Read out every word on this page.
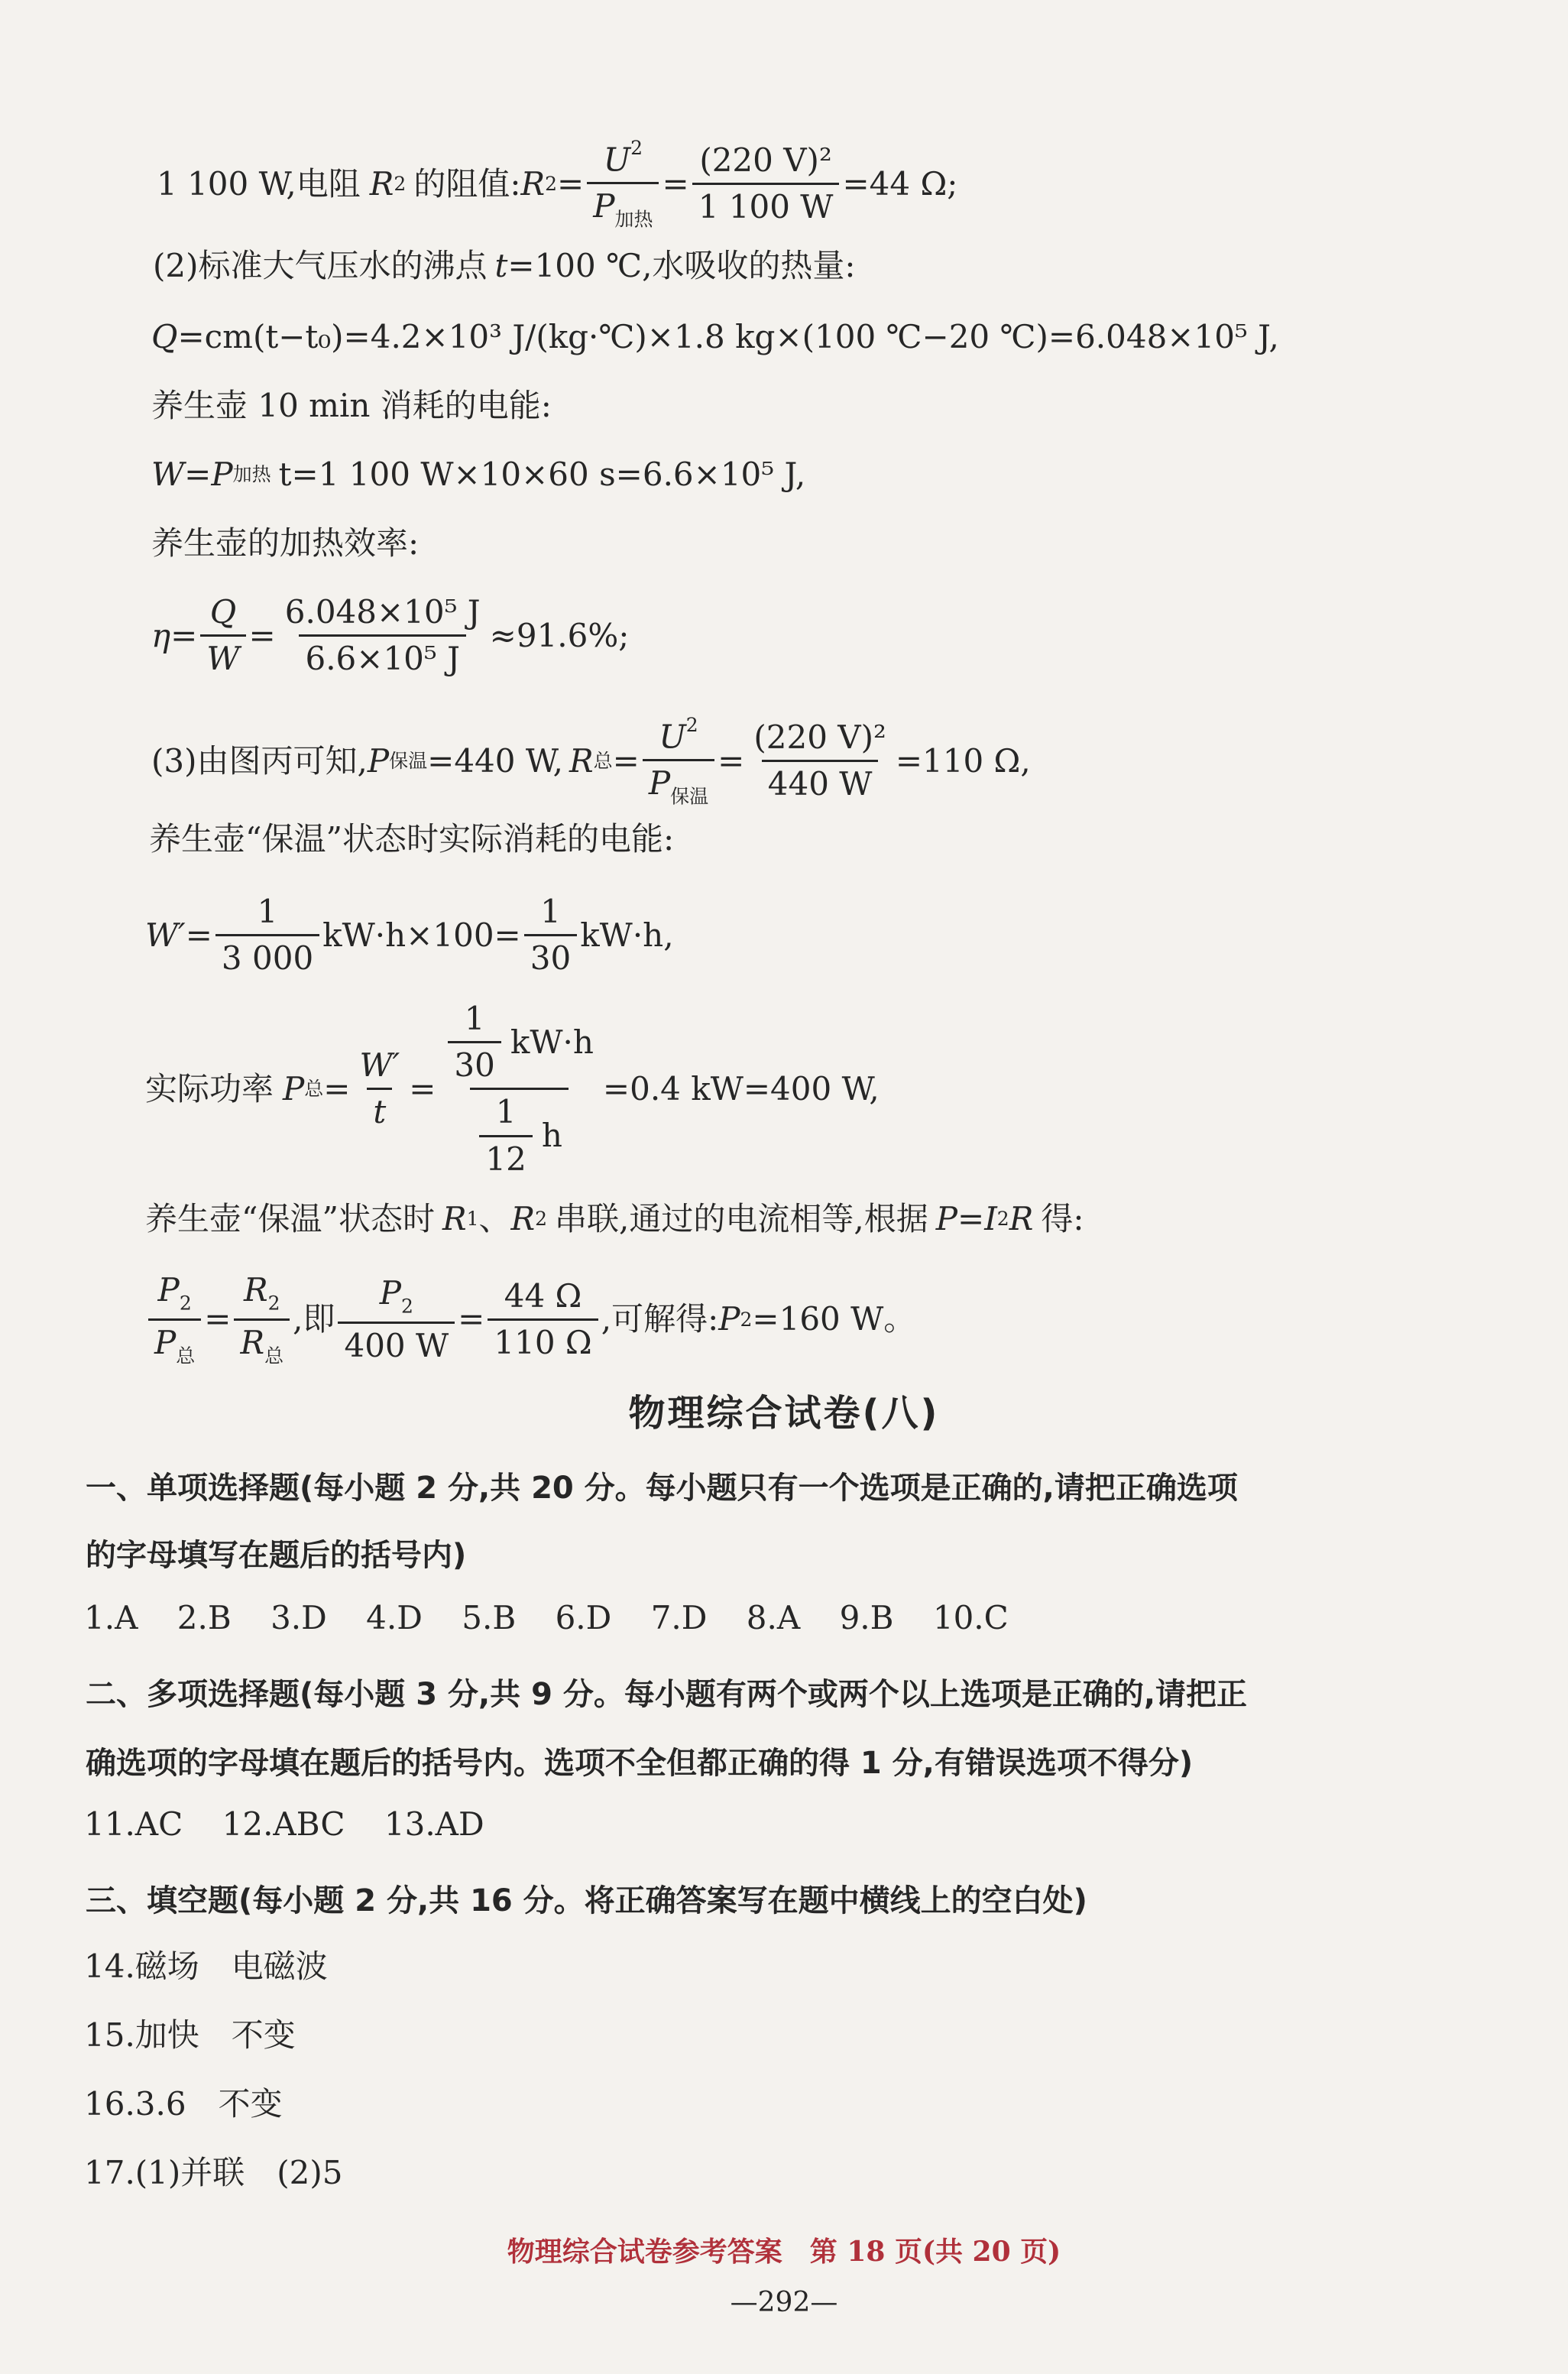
1 100 W,电阻 R 2 的阻值: R $2 = \frac{U^2}{P_{加热}} = \frac{\text{(220 V)²}}{1 100 W} =44$ Ω;
(2)标准大气压水的沸点 t =100 ℃,水吸收的热量:
Q =cm(t−t₀)=4.2×10³ J/(kg·℃)×1.8 kg×(100 ℃−20 ℃)=6.048×10⁵ J,
养生壶 10 min 消耗的电能:
W = P 加热 t=1 100 W×10×60 s=6.6×10⁵ J,
养生壶的加热效率:
$\eta = \frac{Q}{W} = \frac{\text{6.048×10⁵ J}}{\text{6.6×10⁵ J}} \approx 91.6\%$;
(3)由图丙可知, P 保温 =440 W, R 总 = $\frac{U^2}{P_{保温}} = \frac{\text{(220 V)²}}{440 W} =110$ Ω,
养生壶“保温”状态时实际消耗的电能:
$W' = \frac{1}{3 000} kW\cdot h\times 100= \frac{1}{30} kW\cdot h$,
实际功率 P 总 = $\frac{W'}{t} = \frac{\frac{1}{30} kW\cdot h}{\frac{1}{12} h} =0.4$ kW=400 W,
养生壶“保温”状态时 R 1 、 R 2 串联,通过的电流相等,根据 P = I 2 R 得:
$\frac{P_2}{P_总} = \frac{R_2}{R_总}$ ,即 $\frac{P_2}{400 W} = \frac{44 \Omega}{110 \Omega}$ ,可解得: P 2 =160 W。
物理综合试卷(八)
一、单项选择题(每小题 2 分,共 20 分。每小题只有一个选项是正确的,请把正确选项
的字母填写在题后的括号内)
1.A 2.B 3.D 4.D 5.B 6.D 7.D 8.A 9.B 10.C
二、多项选择题(每小题 3 分,共 9 分。每小题有两个或两个以上选项是正确的,请把正
确选项的字母填在题后的括号内。选项不全但都正确的得 1 分,有错误选项不得分)
11.AC 12.ABC 13.AD
三、填空题(每小题 2 分,共 16 分。将正确答案写在题中横线上的空白处)
14.磁场　电磁波
15.加快　不变
16.3.6　不变
17.(1)并联　(2)5
物理综合试卷参考答案　第 18 页(共 20 页)
—292—
